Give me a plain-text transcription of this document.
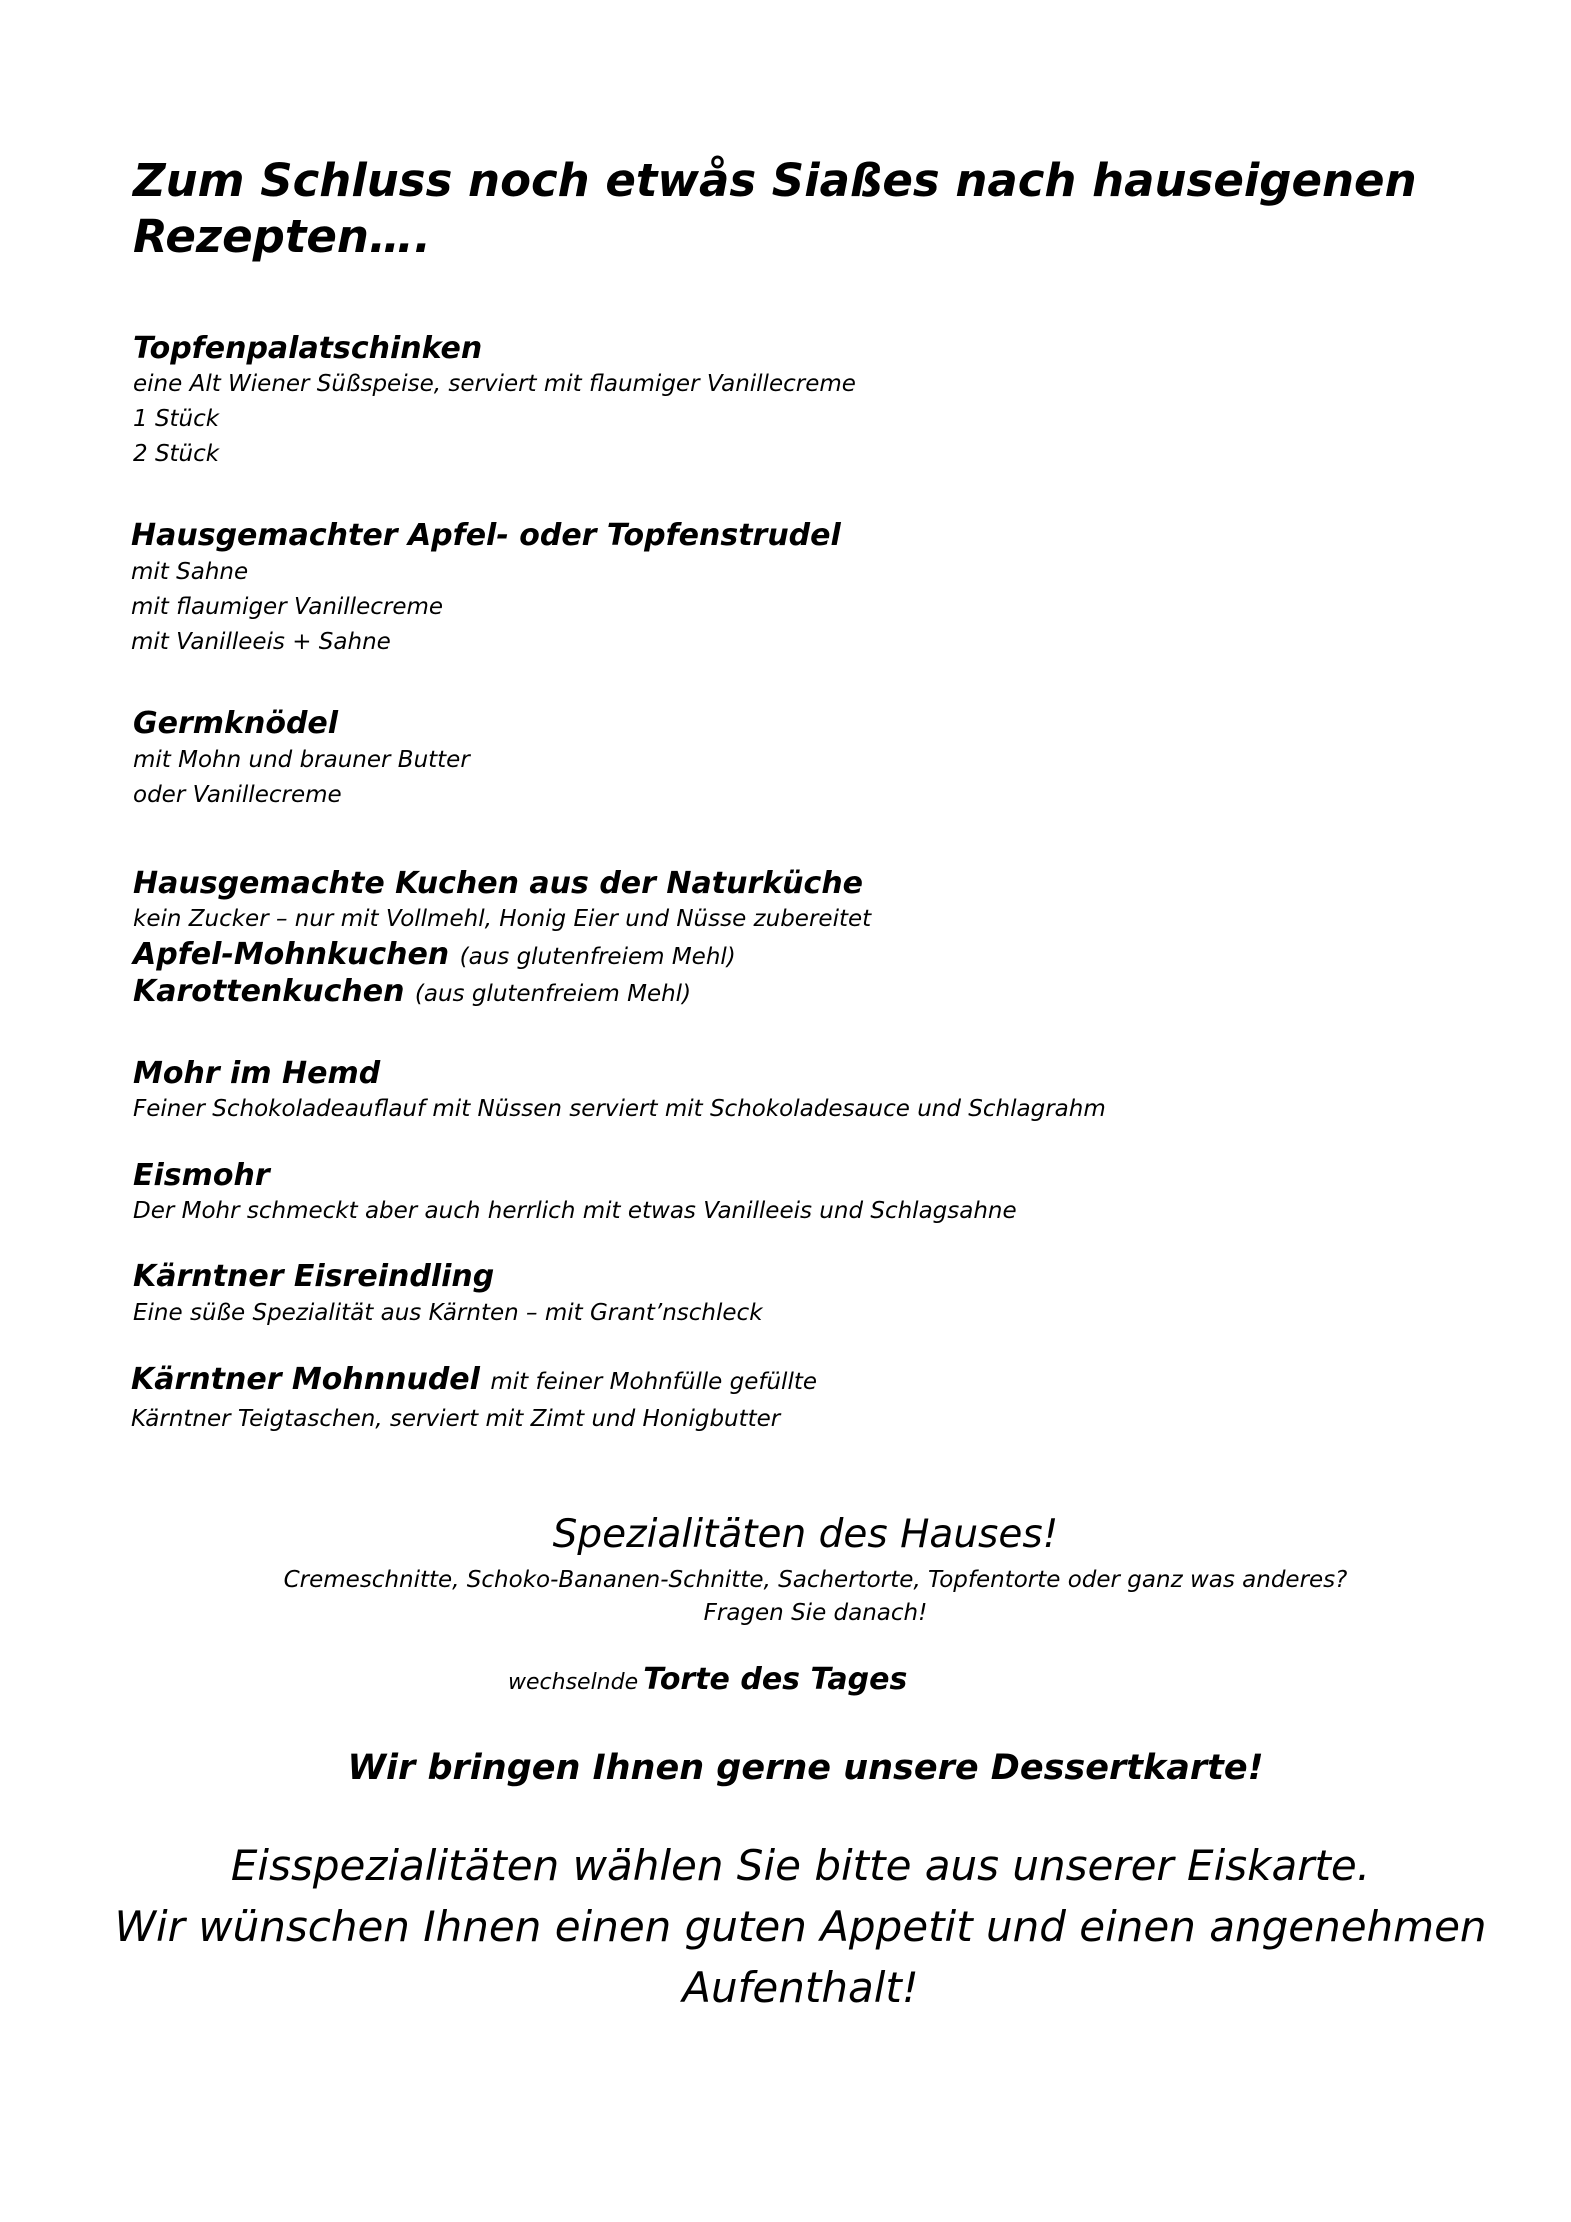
Zum Schluss noch etwås Siaßes nach hauseigenen
Rezepten….
Topfenpalatschinken
eine Alt Wiener Süßspeise, serviert mit flaumiger Vanillecreme
1 Stück
2 Stück
Hausgemachter Apfel- oder Topfenstrudel
mit Sahne
mit flaumiger Vanillecreme
mit Vanilleeis + Sahne
Germknödel
mit Mohn und brauner Butter
oder Vanillecreme
Hausgemachte Kuchen aus der Naturküche
kein Zucker – nur mit Vollmehl, Honig Eier und Nüsse zubereitet
Apfel-Mohnkuchen (aus glutenfreiem Mehl)
Karottenkuchen (aus glutenfreiem Mehl)
Mohr im Hemd
Feiner Schokoladeauflauf mit Nüssen serviert mit Schokoladesauce und Schlagrahm
Eismohr
Der Mohr schmeckt aber auch herrlich mit etwas Vanilleeis und Schlagsahne
Kärntner Eisreindling
Eine süße Spezialität aus Kärnten – mit Grant’nschleck
Kärntner Mohnnudel mit feiner Mohnfülle gefüllte
Kärntner Teigtaschen, serviert mit Zimt und Honigbutter
Spezialitäten des Hauses!
Cremeschnitte, Schoko-Bananen-Schnitte, Sachertorte, Topfentorte oder ganz was anderes?
Fragen Sie danach!
wechselnde Torte des Tages
Wir bringen Ihnen gerne unsere Dessertkarte!
Eisspezialitäten wählen Sie bitte aus unserer Eiskarte.
Wir wünschen Ihnen einen guten Appetit und einen angenehmen
Aufenthalt!
